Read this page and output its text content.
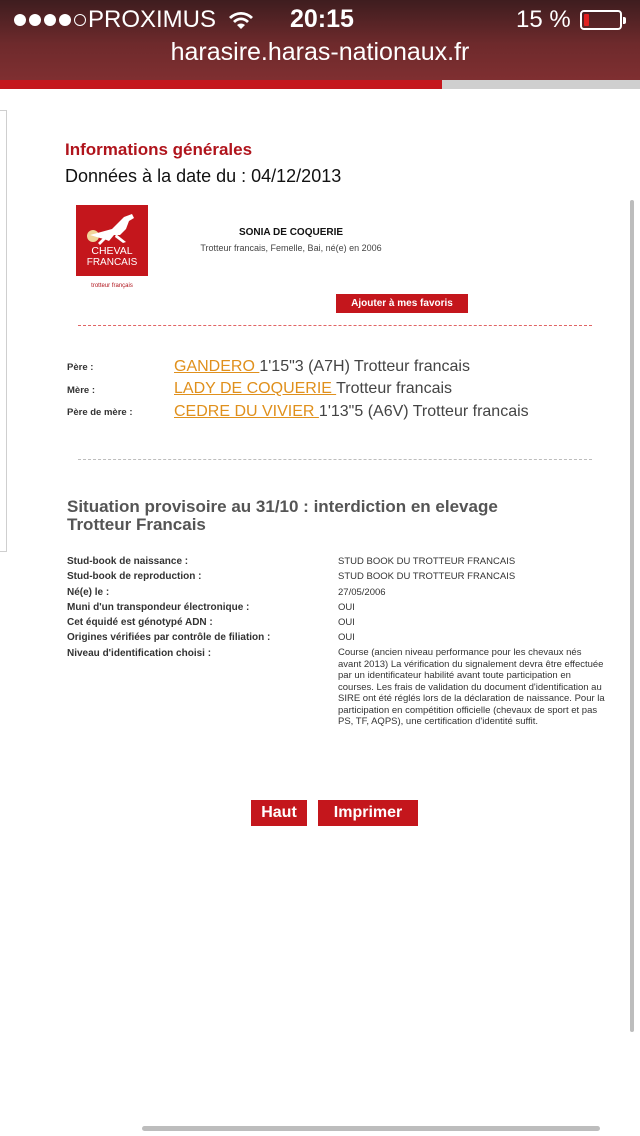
PROXIMUS	20:15	15 %
harasire.haras-nationaux.fr
Informations générales
Données à la date du : 04/12/2013
CHEVAL
FRANCAIS
trotteur français
SONIA DE COQUERIE
Trotteur francais, Femelle, Bai, né(e) en 2006
Ajouter à mes favoris
Père :	GANDERO 1'15"3 (A7H) Trotteur francais
Mère :	LADY DE COQUERIE Trotteur francais
Père de mère :	CEDRE DU VIVIER 1'13"5 (A6V) Trotteur francais
Situation provisoire au 31/10 : interdiction en elevage
Trotteur Francais
Stud-book de naissance :	STUD BOOK DU TROTTEUR FRANCAIS
Stud-book de reproduction :	STUD BOOK DU TROTTEUR FRANCAIS
Né(e) le :	27/05/2006
Muni d'un transpondeur électronique :	OUI
Cet équidé est génotypé ADN :	OUI
Origines vérifiées par contrôle de filiation :	OUI
Niveau d'identification choisi :	Course (ancien niveau performance pour les chevaux nés avant 2013) La vérification du signalement devra être effectuée par un identificateur habilité avant toute participation en courses. Les frais de validation du document d'identification au SIRE ont été réglés lors de la déclaration de naissance. Pour la participation en compétition officielle (chevaux de sport et pas PS, TF, AQPS), une certification d'identité suffit.
Haut	Imprimer
